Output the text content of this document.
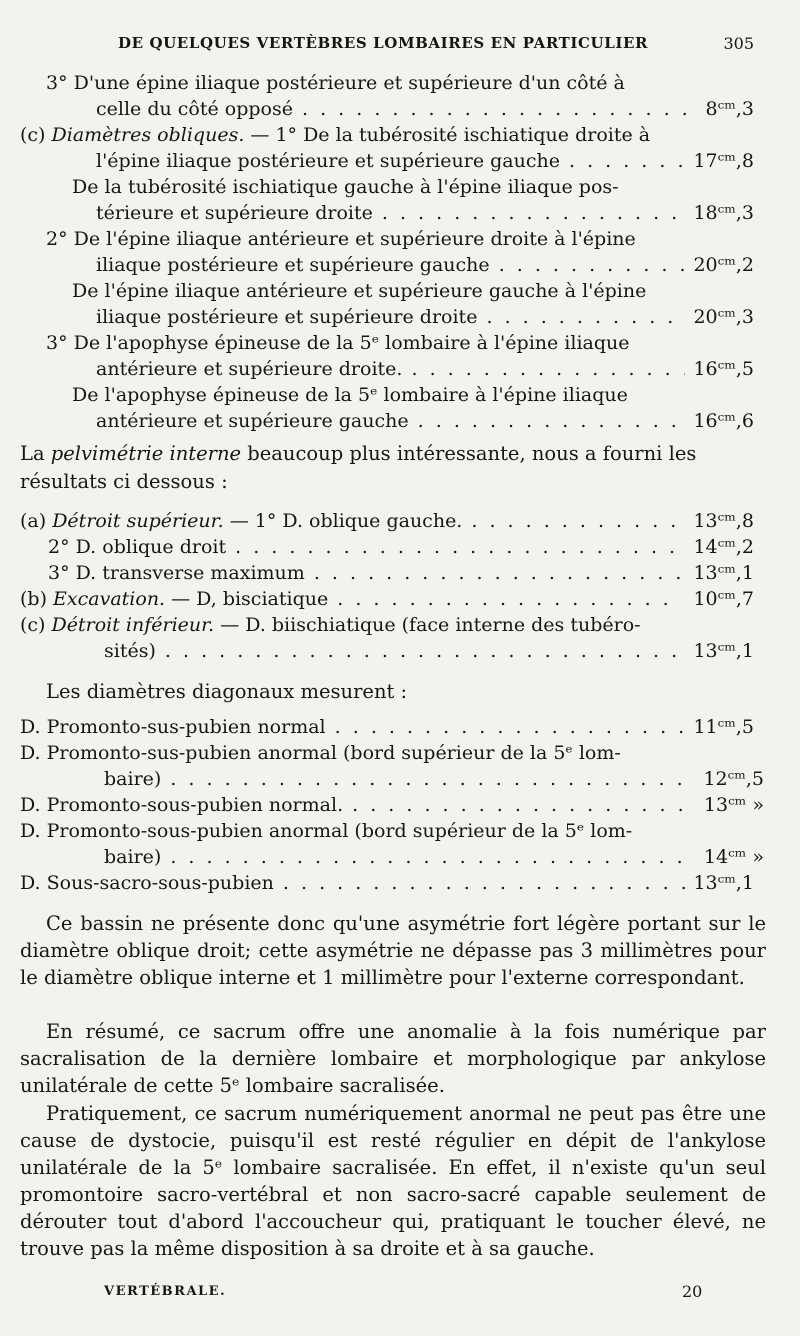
DE QUELQUES VERTÈBRES LOMBAIRES EN PARTICULIER	305
3° D'une épine iliaque postérieure et supérieure d'un côté à
celle du côté opposé . . .	8ᶜᵐ,3
(c) Diamètres obliques. — 1° De la tubérosité ischiatique droite à
l'épine iliaque postérieure et supérieure gauche . . .	17ᶜᵐ,8
De la tubérosité ischiatique gauche à l'épine iliaque pos-
térieure et supérieure droite . . .	18ᶜᵐ,3
2° De l'épine iliaque antérieure et supérieure droite à l'épine
iliaque postérieure et supérieure gauche . . .	20ᶜᵐ,2
De l'épine iliaque antérieure et supérieure gauche à l'épine
iliaque postérieure et supérieure droite . . .	20ᶜᵐ,3
3° De l'apophyse épineuse de la 5ᵉ lombaire à l'épine iliaque
antérieure et supérieure droite. . . .	16ᶜᵐ,5
De l'apophyse épineuse de la 5ᵉ lombaire à l'épine iliaque
antérieure et supérieure gauche . . .	16ᶜᵐ,6
La pelvimétrie interne beaucoup plus intéressante, nous a fourni les
résultats ci dessous :
(a) Détroit supérieur. — 1° D. oblique gauche. . . .	13ᶜᵐ,8
2° D. oblique droit . . .	14ᶜᵐ,2
3° D. transverse maximum . . .	13ᶜᵐ,1
(b) Excavation. — D, bisciatique . . .	10ᶜᵐ,7
(c) Détroit inférieur. — D. biischiatique (face interne des tubéro-
sités) . . .	13ᶜᵐ,1
Les diamètres diagonaux mesurent :
D. Promonto-sus-pubien normal . . .	11ᶜᵐ,5
D. Promonto-sus-pubien anormal (bord supérieur de la 5ᵉ lom-
baire) . . .	12ᶜᵐ,5
D. Promonto-sous-pubien normal. . . .	13ᶜᵐ »
D. Promonto-sous-pubien anormal (bord supérieur de la 5ᵉ lom-
baire) . . .	14ᶜᵐ »
D. Sous-sacro-sous-pubien . . .	13ᶜᵐ,1

Ce bassin ne présente donc qu'une asymétrie fort légère portant sur le diamètre oblique droit; cette asymétrie ne dépasse pas 3 millimètres pour le diamètre oblique interne et 1 millimètre pour l'externe correspondant.

En résumé, ce sacrum offre une anomalie à la fois numérique par sacralisation de la dernière lombaire et morphologique par ankylose unilatérale de cette 5ᵉ lombaire sacralisée.

Pratiquement, ce sacrum numériquement anormal ne peut pas être une cause de dystocie, puisqu'il est resté régulier en dépit de l'ankylose unilatérale de la 5ᵉ lombaire sacralisée. En effet, il n'existe qu'un seul promontoire sacro-vertébral et non sacro-sacré capable seulement de dérouter tout d'abord l'accoucheur qui, pratiquant le toucher élevé, ne trouve pas la même disposition à sa droite et à sa gauche.

VERTÉBRALE.	20
